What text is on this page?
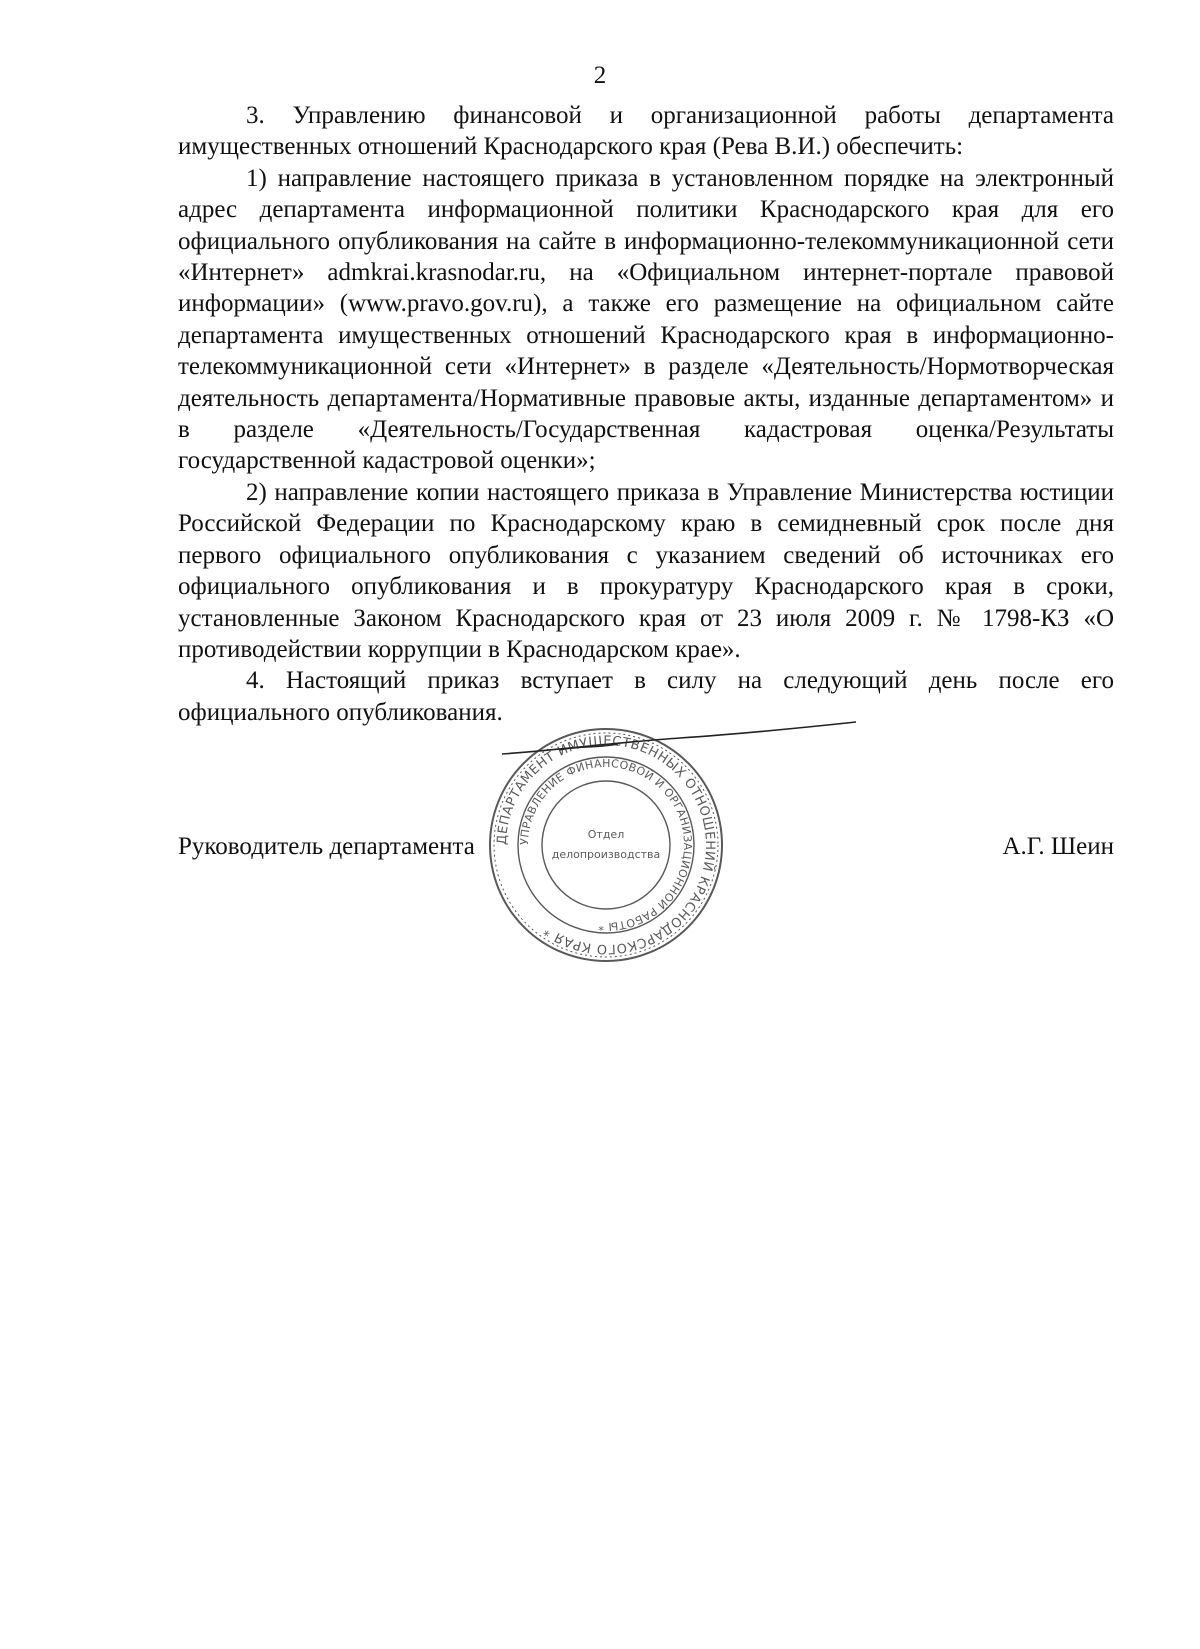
2

3. Управлению финансовой и организационной работы департамента имущественных отношений Краснодарского края (Рева В.И.) обеспечить:

1) направление настоящего приказа в установленном порядке на электронный адрес департамента информационной политики Краснодарского края для его официального опубликования на сайте в информационно-телекоммуникационной сети «Интернет» admkrai.krasnodar.ru, на «Официальном интернет-портале правовой информации» (www.pravo.gov.ru), а также его размещение на официальном сайте департамента имущественных отношений Краснодарского края в информационно-телекоммуникационной сети «Интернет» в разделе «Деятельность/Нормотворческая деятельность департамента/Нормативные правовые акты, изданные департаментом» и в разделе «Деятельность/Государственная кадастровая оценка/Результаты государственной кадастровой оценки»;

2) направление копии настоящего приказа в Управление Министерства юстиции Российской Федерации по Краснодарскому краю в семидневный срок после дня первого официального опубликования с указанием сведений об источниках его официального опубликования и в прокуратуру Краснодарского края в сроки, установленные Законом Краснодарского края от 23 июля 2009 г. № 1798-КЗ «О противодействии коррупции в Краснодарском крае».

4. Настоящий приказ вступает в силу на следующий день после его официального опубликования.

Руководитель департамента	А.Г. Шеин
ДЕПАРТАМЕНТ ИМУЩЕСТВЕННЫХ ОТНОШЕНИЙ КРАСНОДАРСКОГО КРАЯ *
УПРАВЛЕНИЕ ФИНАНСОВОЙ И ОРГАНИЗАЦИОННОЙ РАБОТЫ *
Отдел
делопроизводства
